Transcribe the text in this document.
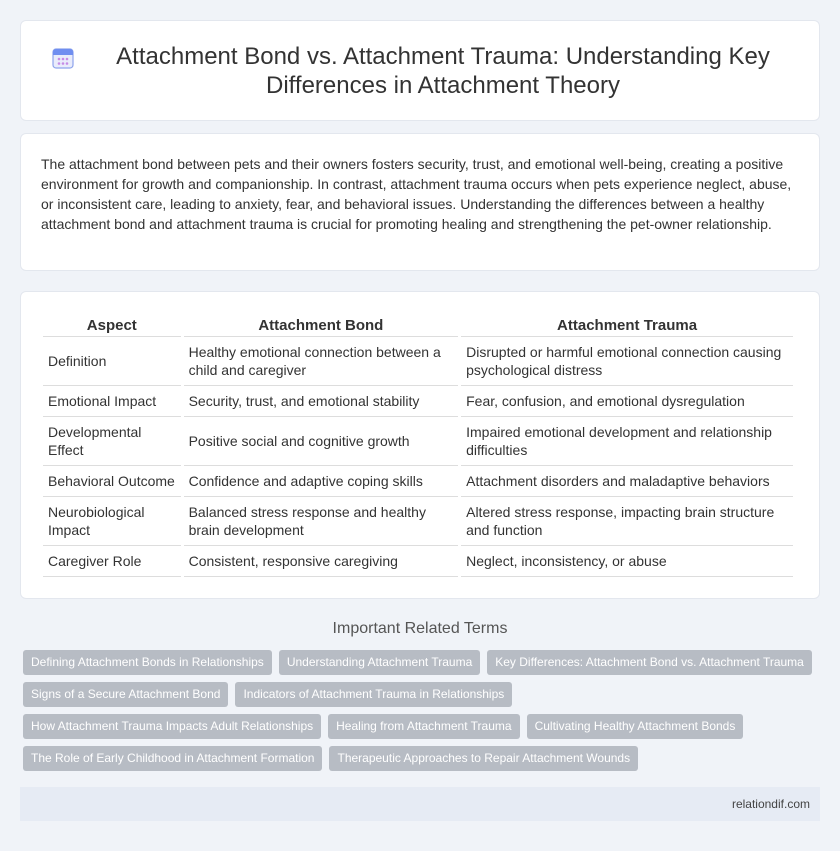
Attachment Bond vs. Attachment Trauma: Understanding Key Differences in Attachment Theory

The attachment bond between pets and their owners fosters security, trust, and emotional well-being, creating a positive environment for growth and companionship. In contrast, attachment trauma occurs when pets experience neglect, abuse, or inconsistent care, leading to anxiety, fear, and behavioral issues. Understanding the differences between a healthy attachment bond and attachment trauma is crucial for promoting healing and strengthening the pet-owner relationship.

Aspect	Attachment Bond	Attachment Trauma
Definition	Healthy emotional connection between a child and caregiver	Disrupted or harmful emotional connection causing psychological distress
Emotional Impact	Security, trust, and emotional stability	Fear, confusion, and emotional dysregulation
Developmental Effect	Positive social and cognitive growth	Impaired emotional development and relationship difficulties
Behavioral Outcome	Confidence and adaptive coping skills	Attachment disorders and maladaptive behaviors
Neurobiological Impact	Balanced stress response and healthy brain development	Altered stress response, impacting brain structure and function
Caregiver Role	Consistent, responsive caregiving	Neglect, inconsistency, or abuse
Important Related Terms
Defining Attachment Bonds in Relationships	Understanding Attachment Trauma	Key Differences: Attachment Bond vs. Attachment Trauma
Signs of a Secure Attachment Bond	Indicators of Attachment Trauma in Relationships
How Attachment Trauma Impacts Adult Relationships	Healing from Attachment Trauma	Cultivating Healthy Attachment Bonds
The Role of Early Childhood in Attachment Formation	Therapeutic Approaches to Repair Attachment Wounds
relationdif.com
